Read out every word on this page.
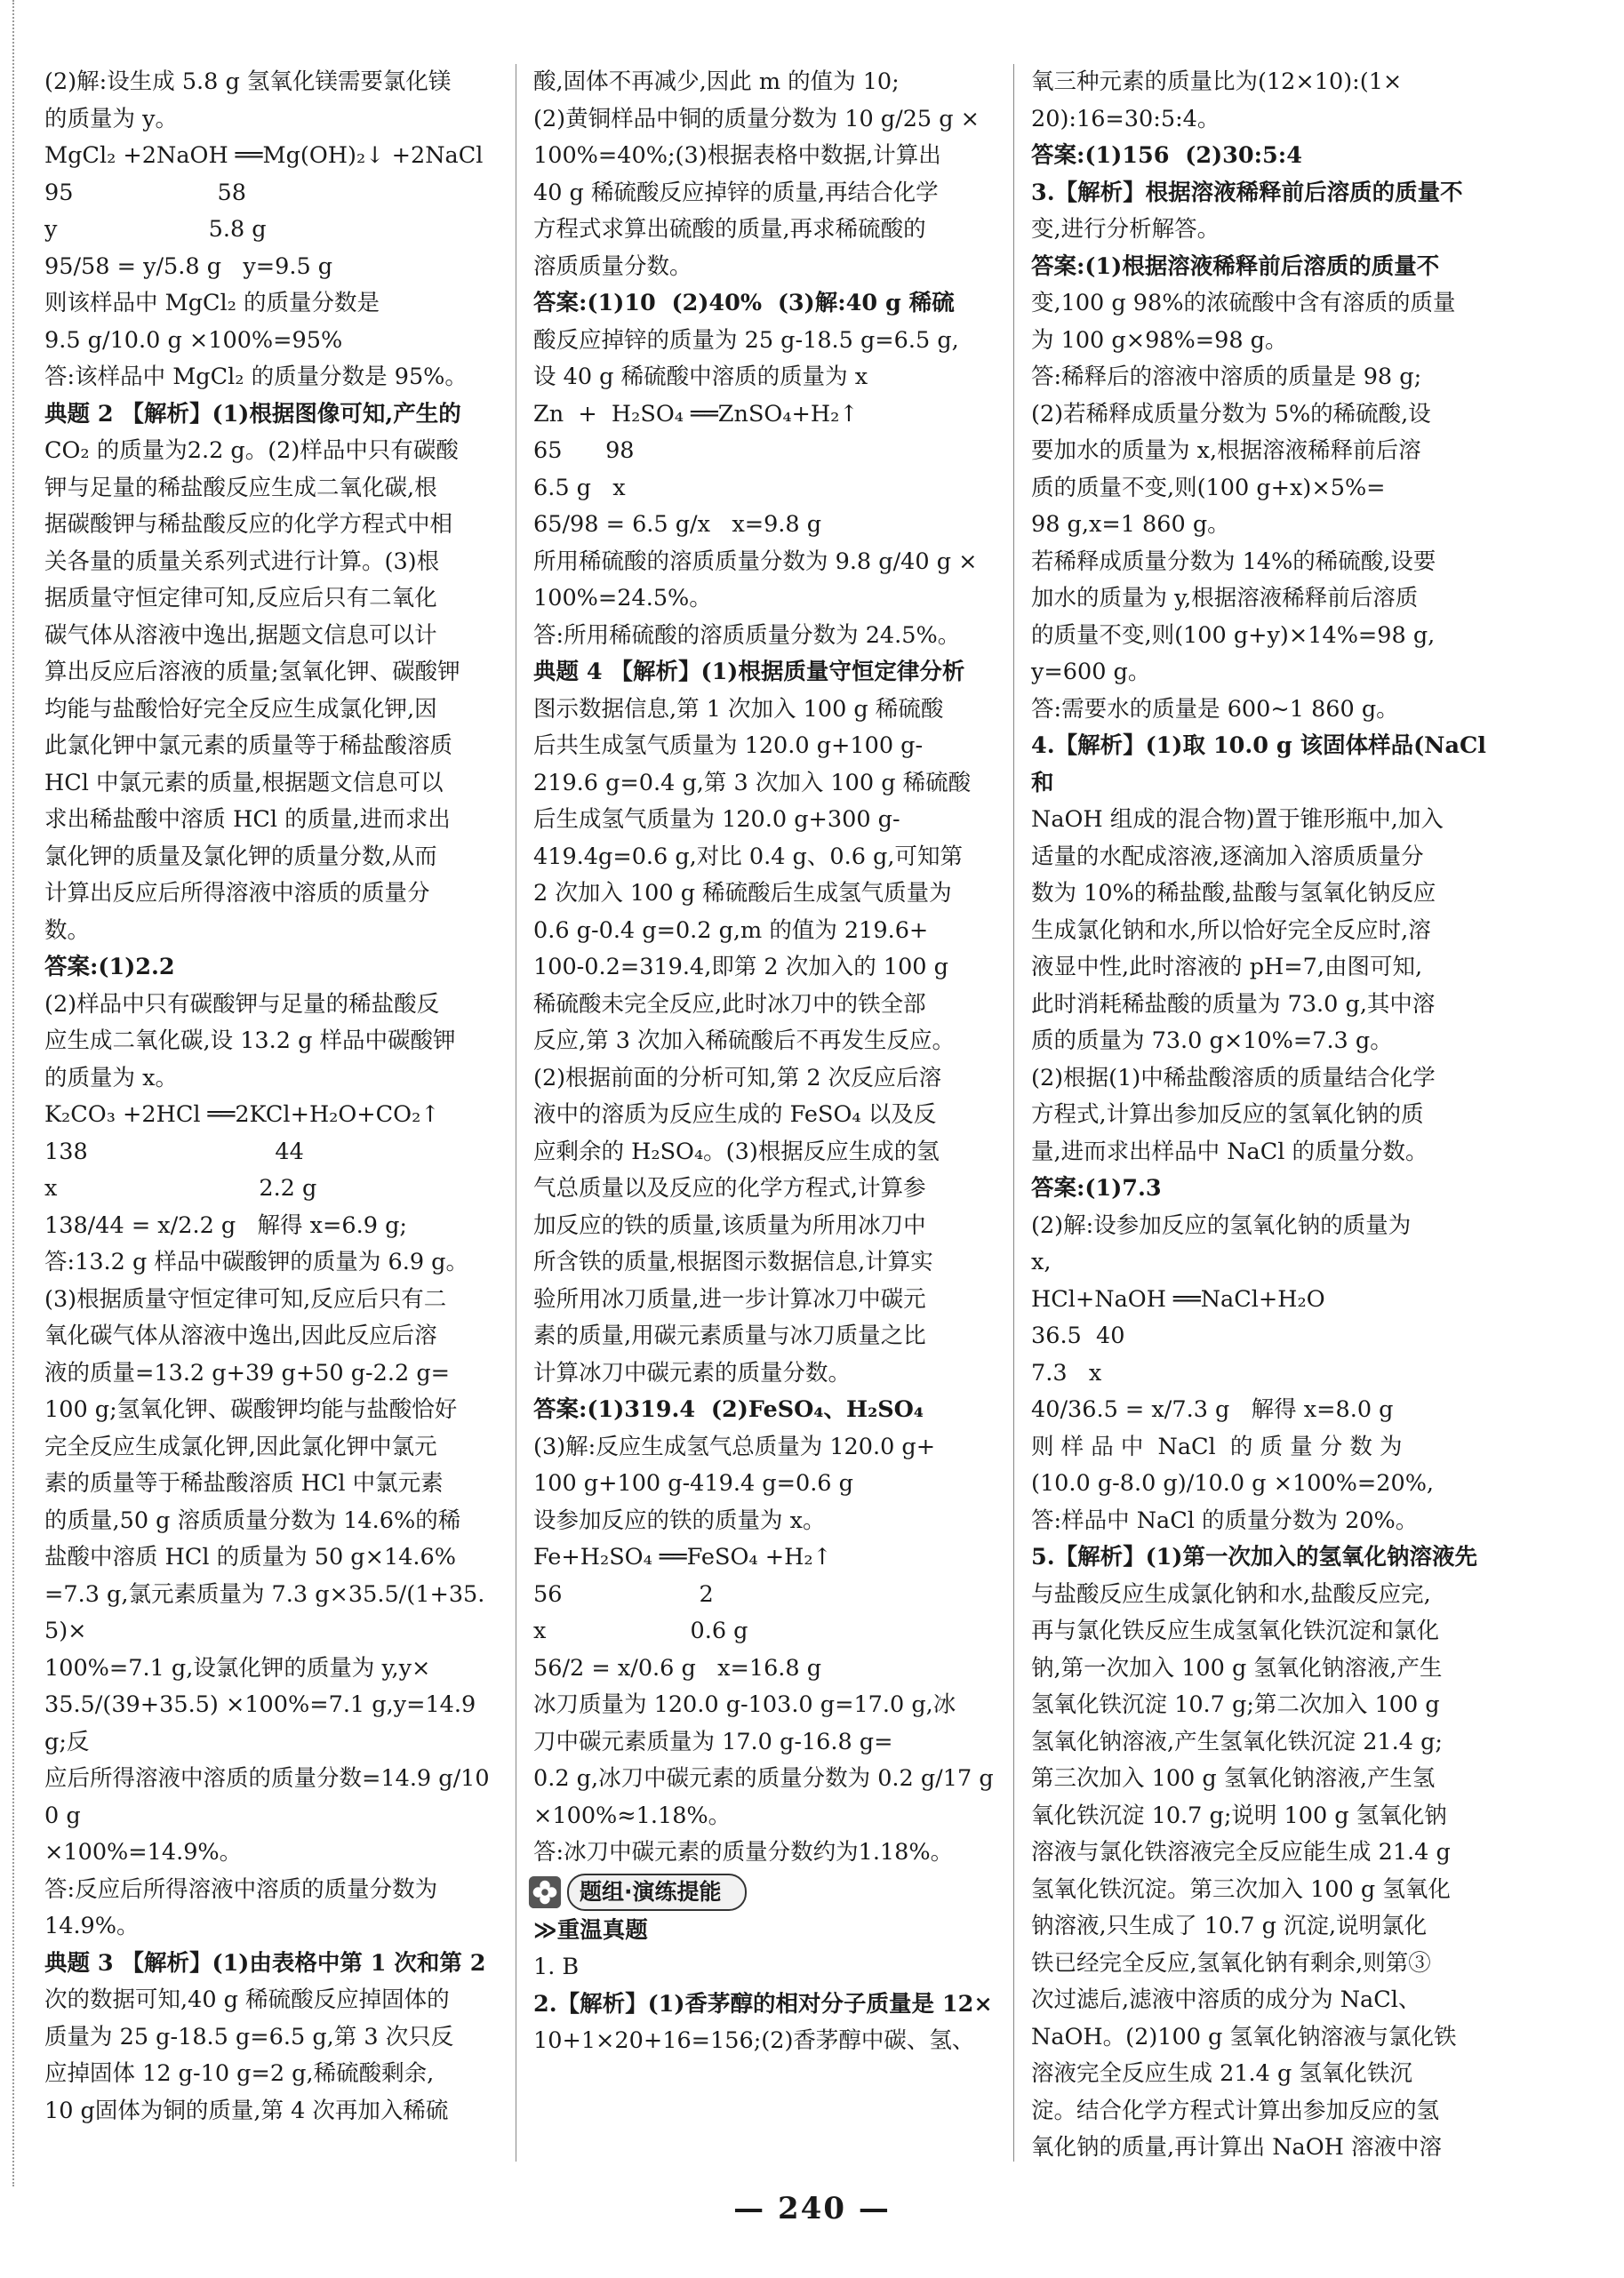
(2)解:设生成 5.8 g 氢氧化镁需要氯化镁

的质量为 y。

MgCl₂ +2NaOH ══Mg(OH)₂↓ +2NaCl

95                    58

y                     5.8 g

95/58 = y/5.8 g   y=9.5 g

则该样品中 MgCl₂ 的质量分数是

9.5 g/10.0 g ×100%=95%

答:该样品中 MgCl₂ 的质量分数是 95%。

典题 2 【解析】(1)根据图像可知,产生的

CO₂ 的质量为2.2 g。(2)样品中只有碳酸

钾与足量的稀盐酸反应生成二氧化碳,根

据碳酸钾与稀盐酸反应的化学方程式中相

关各量的质量关系列式进行计算。(3)根

据质量守恒定律可知,反应后只有二氧化

碳气体从溶液中逸出,据题文信息可以计

算出反应后溶液的质量;氢氧化钾、碳酸钾

均能与盐酸恰好完全反应生成氯化钾,因

此氯化钾中氯元素的质量等于稀盐酸溶质

HCl 中氯元素的质量,根据题文信息可以

求出稀盐酸中溶质 HCl 的质量,进而求出

氯化钾的质量及氯化钾的质量分数,从而

计算出反应后所得溶液中溶质的质量分

数。

答案:(1)2.2

(2)样品中只有碳酸钾与足量的稀盐酸反

应生成二氧化碳,设 13.2 g 样品中碳酸钾

的质量为 x。

K₂CO₃ +2HCl ══2KCl+H₂O+CO₂↑

138                          44

x                            2.2 g

138/44 = x/2.2 g   解得 x=6.9 g;

答:13.2 g 样品中碳酸钾的质量为 6.9 g。

(3)根据质量守恒定律可知,反应后只有二

氧化碳气体从溶液中逸出,因此反应后溶

液的质量=13.2 g+39 g+50 g-2.2 g=

100 g;氢氧化钾、碳酸钾均能与盐酸恰好

完全反应生成氯化钾,因此氯化钾中氯元

素的质量等于稀盐酸溶质 HCl 中氯元素

的质量,50 g 溶质质量分数为 14.6%的稀

盐酸中溶质 HCl 的质量为 50 g×14.6%

=7.3 g,氯元素质量为 7.3 g×35.5/(1+35.5)×

100%=7.1 g,设氯化钾的质量为 y,y×

35.5/(39+35.5) ×100%=7.1 g,y=14.9 g;反

应后所得溶液中溶质的质量分数=14.9 g/100 g

×100%=14.9%。

答:反应后所得溶液中溶质的质量分数为

14.9%。

典题 3 【解析】(1)由表格中第 1 次和第 2

次的数据可知,40 g 稀硫酸反应掉固体的

质量为 25 g-18.5 g=6.5 g,第 3 次只反

应掉固体 12 g-10 g=2 g,稀硫酸剩余,

10 g固体为铜的质量,第 4 次再加入稀硫

酸,固体不再减少,因此 m 的值为 10;

(2)黄铜样品中铜的质量分数为 10 g/25 g ×

100%=40%;(3)根据表格中数据,计算出

40 g 稀硫酸反应掉锌的质量,再结合化学

方程式求算出硫酸的质量,再求稀硫酸的

溶质质量分数。

答案:(1)10  (2)40%  (3)解:40 g 稀硫

酸反应掉锌的质量为 25 g-18.5 g=6.5 g,

设 40 g 稀硫酸中溶质的质量为 x

Zn  +  H₂SO₄ ══ZnSO₄+H₂↑

65      98

6.5 g   x

65/98 = 6.5 g/x   x=9.8 g

所用稀硫酸的溶质质量分数为 9.8 g/40 g ×

100%=24.5%。

答:所用稀硫酸的溶质质量分数为 24.5%。

典题 4 【解析】(1)根据质量守恒定律分析

图示数据信息,第 1 次加入 100 g 稀硫酸

后共生成氢气质量为 120.0 g+100 g-

219.6 g=0.4 g,第 3 次加入 100 g 稀硫酸

后生成氢气质量为 120.0 g+300 g-

419.4g=0.6 g,对比 0.4 g、0.6 g,可知第

2 次加入 100 g 稀硫酸后生成氢气质量为

0.6 g-0.4 g=0.2 g,m 的值为 219.6+

100-0.2=319.4,即第 2 次加入的 100 g

稀硫酸未完全反应,此时冰刀中的铁全部

反应,第 3 次加入稀硫酸后不再发生反应。

(2)根据前面的分析可知,第 2 次反应后溶

液中的溶质为反应生成的 FeSO₄ 以及反

应剩余的 H₂SO₄。(3)根据反应生成的氢

气总质量以及反应的化学方程式,计算参

加反应的铁的质量,该质量为所用冰刀中

所含铁的质量,根据图示数据信息,计算实

验所用冰刀质量,进一步计算冰刀中碳元

素的质量,用碳元素质量与冰刀质量之比

计算冰刀中碳元素的质量分数。

答案:(1)319.4  (2)FeSO₄、H₂SO₄

(3)解:反应生成氢气总质量为 120.0 g+

100 g+100 g-419.4 g=0.6 g

设参加反应的铁的质量为 x。

Fe+H₂SO₄ ══FeSO₄ +H₂↑

56                   2

x                    0.6 g

56/2 = x/0.6 g   x=16.8 g

冰刀质量为 120.0 g-103.0 g=17.0 g,冰

刀中碳元素质量为 17.0 g-16.8 g=

0.2 g,冰刀中碳元素的质量分数为 0.2 g/17 g

×100%≈1.18%。

答:冰刀中碳元素的质量分数约为1.18%。

题组·演练提能

≫重温真题

1. B

2.【解析】(1)香茅醇的相对分子质量是 12×

10+1×20+16=156;(2)香茅醇中碳、氢、

氧三种元素的质量比为(12×10):(1×

20):16=30:5:4。

答案:(1)156  (2)30:5:4

3.【解析】根据溶液稀释前后溶质的质量不

变,进行分析解答。

答案:(1)根据溶液稀释前后溶质的质量不

变,100 g 98%的浓硫酸中含有溶质的质量

为 100 g×98%=98 g。

答:稀释后的溶液中溶质的质量是 98 g;

(2)若稀释成质量分数为 5%的稀硫酸,设

要加水的质量为 x,根据溶液稀释前后溶

质的质量不变,则(100 g+x)×5%=

98 g,x=1 860 g。

若稀释成质量分数为 14%的稀硫酸,设要

加水的质量为 y,根据溶液稀释前后溶质

的质量不变,则(100 g+y)×14%=98 g,

y=600 g。

答:需要水的质量是 600~1 860 g。

4.【解析】(1)取 10.0 g 该固体样品(NaCl 和

NaOH 组成的混合物)置于锥形瓶中,加入

适量的水配成溶液,逐滴加入溶质质量分

数为 10%的稀盐酸,盐酸与氢氧化钠反应

生成氯化钠和水,所以恰好完全反应时,溶

液显中性,此时溶液的 pH=7,由图可知,

此时消耗稀盐酸的质量为 73.0 g,其中溶

质的质量为 73.0 g×10%=7.3 g。

(2)根据(1)中稀盐酸溶质的质量结合化学

方程式,计算出参加反应的氢氧化钠的质

量,进而求出样品中 NaCl 的质量分数。

答案:(1)7.3

(2)解:设参加反应的氢氧化钠的质量为

x,

HCl+NaOH ══NaCl+H₂O

36.5  40

7.3   x

40/36.5 = x/7.3 g   解得 x=8.0 g

则 样 品 中  NaCl  的 质 量 分 数 为

(10.0 g-8.0 g)/10.0 g ×100%=20%,

答:样品中 NaCl 的质量分数为 20%。

5.【解析】(1)第一次加入的氢氧化钠溶液先

与盐酸反应生成氯化钠和水,盐酸反应完,

再与氯化铁反应生成氢氧化铁沉淀和氯化

钠,第一次加入 100 g 氢氧化钠溶液,产生

氢氧化铁沉淀 10.7 g;第二次加入 100 g

氢氧化钠溶液,产生氢氧化铁沉淀 21.4 g;

第三次加入 100 g 氢氧化钠溶液,产生氢

氧化铁沉淀 10.7 g;说明 100 g 氢氧化钠

溶液与氯化铁溶液完全反应能生成 21.4 g

氢氧化铁沉淀。第三次加入 100 g 氢氧化

钠溶液,只生成了 10.7 g 沉淀,说明氯化

铁已经完全反应,氢氧化钠有剩余,则第③

次过滤后,滤液中溶质的成分为 NaCl、

NaOH。(2)100 g 氢氧化钠溶液与氯化铁

溶液完全反应生成 21.4 g 氢氧化铁沉

淀。结合化学方程式计算出参加反应的氢

氧化钠的质量,再计算出 NaOH 溶液中溶

— 240 —
